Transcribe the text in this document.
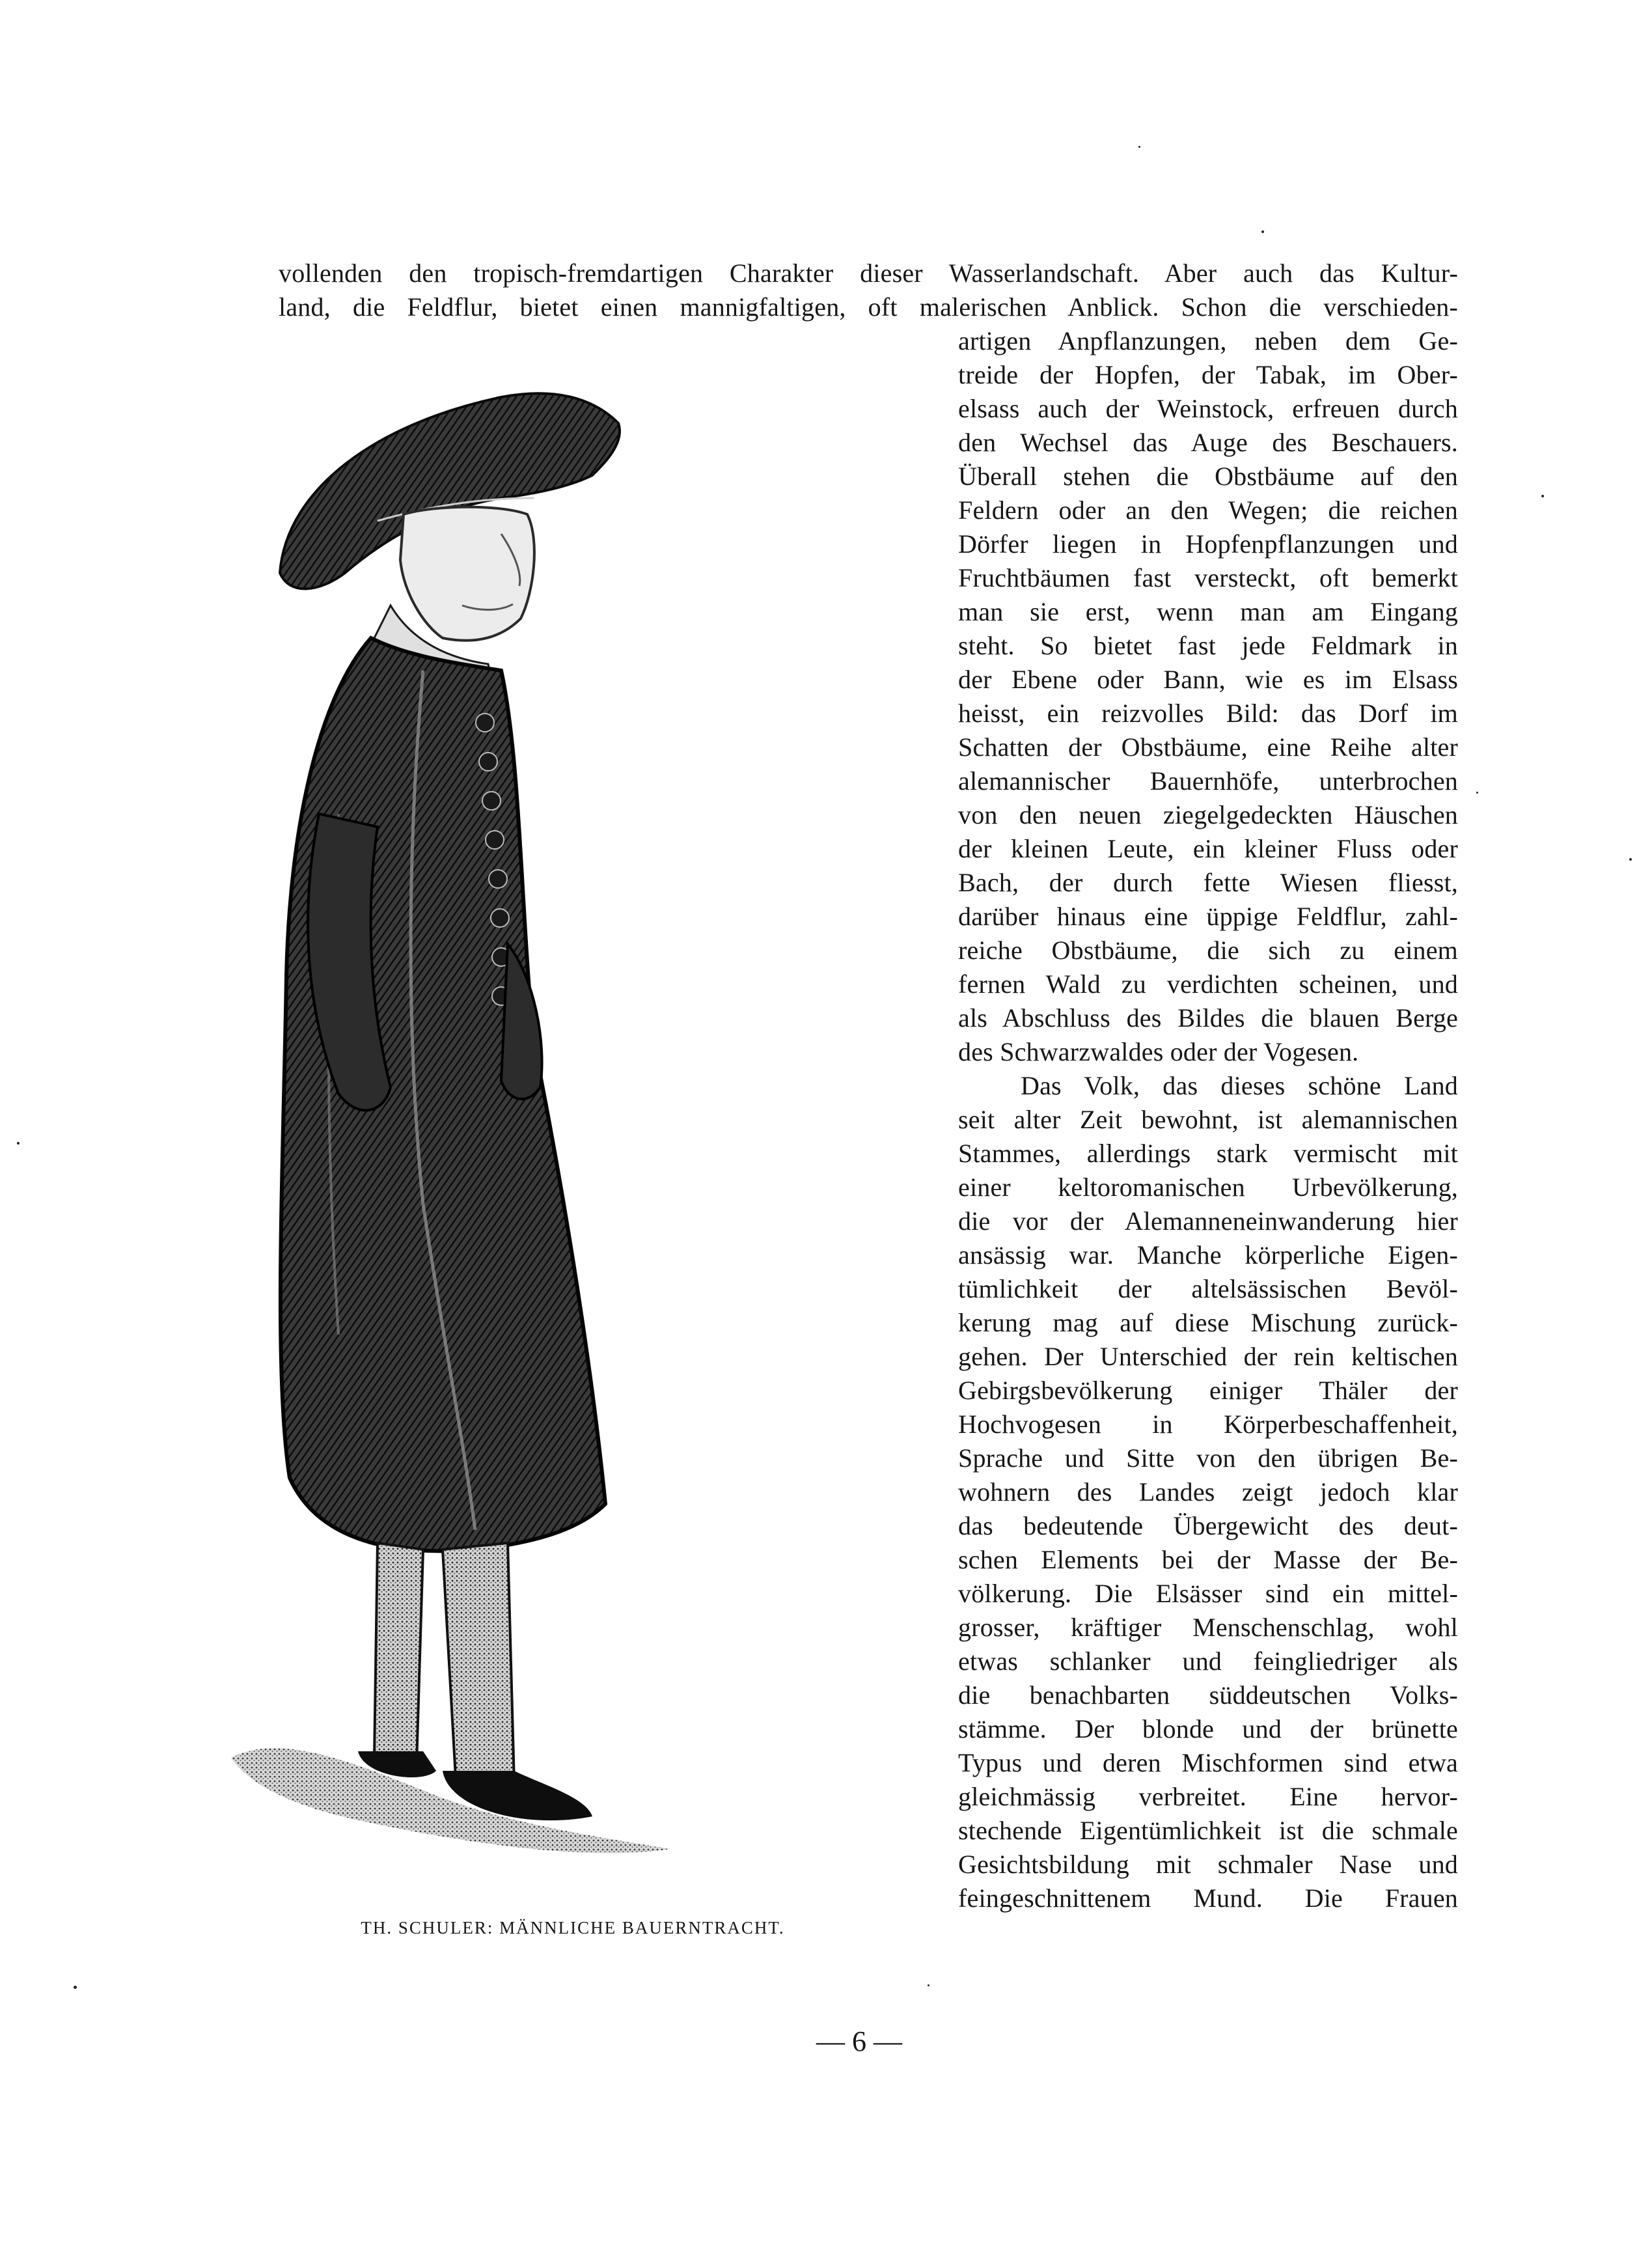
vollenden den tropisch-fremdartigen Charakter dieser Wasserlandschaft. Aber auch das Kultur-
land, die Feldflur, bietet einen mannigfaltigen, oft malerischen Anblick. Schon die verschieden-
artigen Anpflanzungen, neben dem Ge-
treide der Hopfen, der Tabak, im Ober-
elsass auch der Weinstock, erfreuen durch
den Wechsel das Auge des Beschauers.
Überall stehen die Obstbäume auf den
Feldern oder an den Wegen; die reichen
Dörfer liegen in Hopfenpflanzungen und
Fruchtbäumen fast versteckt, oft bemerkt
man sie erst, wenn man am Eingang
steht. So bietet fast jede Feldmark in
der Ebene oder Bann, wie es im Elsass
heisst, ein reizvolles Bild: das Dorf im
Schatten der Obstbäume, eine Reihe alter
alemannischer Bauernhöfe, unterbrochen
von den neuen ziegelgedeckten Häuschen
der kleinen Leute, ein kleiner Fluss oder
Bach, der durch fette Wiesen fliesst,
darüber hinaus eine üppige Feldflur, zahl-
reiche Obstbäume, die sich zu einem
fernen Wald zu verdichten scheinen, und
als Abschluss des Bildes die blauen Berge
des Schwarzwaldes oder der Vogesen.
Das Volk, das dieses schöne Land
seit alter Zeit bewohnt, ist alemannischen
Stammes, allerdings stark vermischt mit
einer keltoromanischen Urbevölkerung,
die vor der Alemanneneinwanderung hier
ansässig war. Manche körperliche Eigen-
tümlichkeit der altelsässischen Bevöl-
kerung mag auf diese Mischung zurück-
gehen. Der Unterschied der rein keltischen
Gebirgsbevölkerung einiger Thäler der
Hochvogesen in Körperbeschaffenheit,
Sprache und Sitte von den übrigen Be-
wohnern des Landes zeigt jedoch klar
das bedeutende Übergewicht des deut-
schen Elements bei der Masse der Be-
völkerung. Die Elsässer sind ein mittel-
grosser, kräftiger Menschenschlag, wohl
etwas schlanker und feingliedriger als
die benachbarten süddeutschen Volks-
stämme. Der blonde und der brünette
Typus und deren Mischformen sind etwa
gleichmässig verbreitet. Eine hervor-
stechende Eigentümlichkeit ist die schmale
Gesichtsbildung mit schmaler Nase und
feingeschnittenem Mund. Die Frauen
TH. SCHULER: MÄNNLICHE BAUERNTRACHT.
— 6 —
